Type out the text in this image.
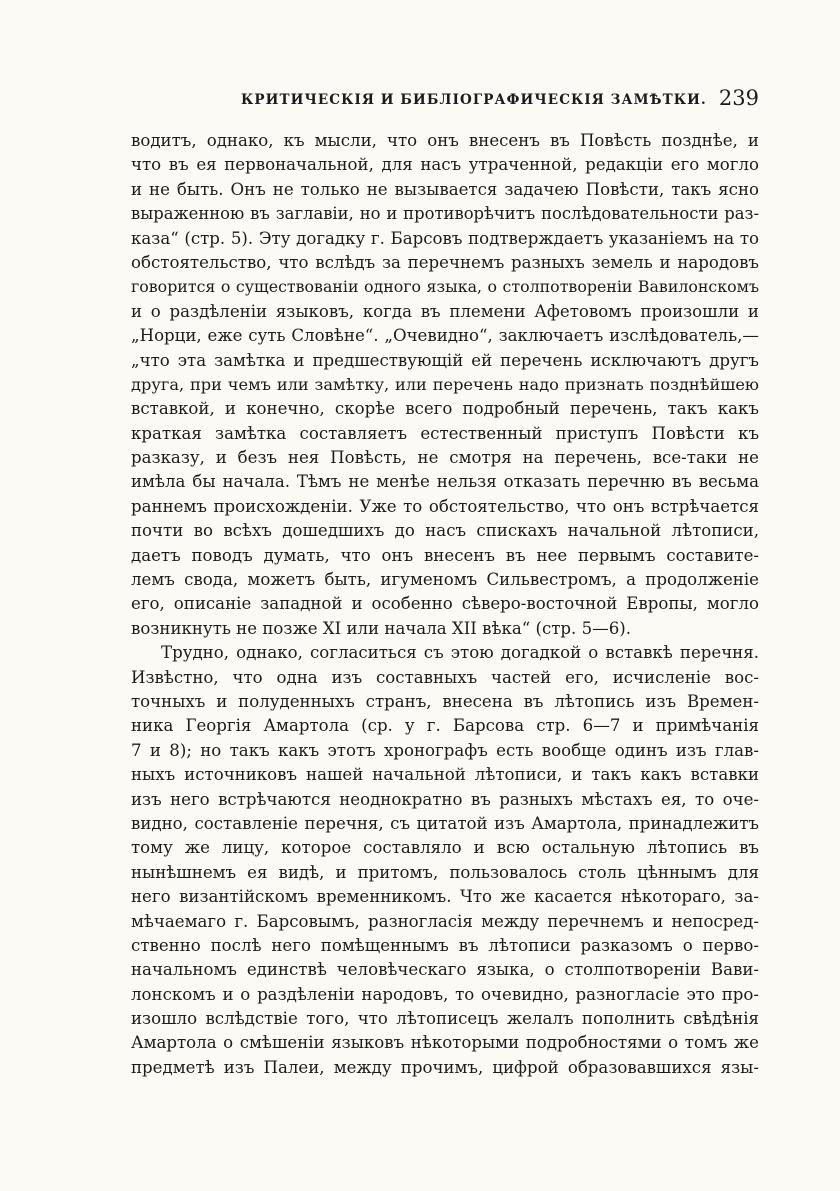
КРИТИЧЕСКІЯ И БИБЛІОГРАФИЧЕСКІЯ ЗАМѢТКИ. 239
водитъ, однако, къ мысли, что онъ внесенъ въ Повѣсть позднѣе, и
что въ ея первоначальной, для насъ утраченной, редакціи его могло
и не быть. Онъ не только не вызывается задачею Повѣсти, такъ ясно
выраженною въ заглавіи, но и противорѣчитъ послѣдовательности раз-
каза“ (стр. 5). Эту догадку г. Барсовъ подтверждаетъ указаніемъ на то
обстоятельство, что вслѣдъ за перечнемъ разныхъ земель и народовъ
говорится о существованіи одного языка, о столпотвореніи Вавилонскомъ
и о раздѣленіи языковъ, когда въ племени Афетовомъ произошли и
„Норци, еже суть Словѣне“. „Очевидно“, заключаетъ изслѣдователь,—
„что эта замѣтка и предшествующій ей перечень исключаютъ другъ
друга, при чемъ или замѣтку, или перечень надо признать позднѣйшею
вставкой, и конечно, скорѣе всего подробный перечень, такъ какъ
краткая замѣтка составляетъ естественный приступъ Повѣсти къ
разказу, и безъ нея Повѣсть, не смотря на перечень, все-таки не
имѣла бы начала. Тѣмъ не менѣе нельзя отказать перечню въ весьма
раннемъ происхожденіи. Уже то обстоятельство, что онъ встрѣчается
почти во всѣхъ дошедшихъ до насъ спискахъ начальной лѣтописи,
даетъ поводъ думать, что онъ внесенъ въ нее первымъ составите-
лемъ свода, можетъ быть, игуменомъ Сильвестромъ, а продолженіе
его, описаніе западной и особенно сѣверо-восточной Европы, могло
возникнуть не позже XI или начала XII вѣка“ (стр. 5—6).
Трудно, однако, согласиться съ этою догадкой о вставкѣ перечня.
Извѣстно, что одна изъ составныхъ частей его, исчисленіе вос-
точныхъ и полуденныхъ странъ, внесена въ лѣтопись изъ Времен-
ника Георгія Амартола (ср. у г. Барсова стр. 6—7 и примѣчанія
7 и 8); но такъ какъ этотъ хронографъ есть вообще одинъ изъ глав-
ныхъ источниковъ нашей начальной лѣтописи, и такъ какъ вставки
изъ него встрѣчаются неоднократно въ разныхъ мѣстахъ ея, то оче-
видно, составленіе перечня, съ цитатой изъ Амартола, принадлежитъ
тому же лицу, которое составляло и всю остальную лѣтопись въ
нынѣшнемъ ея видѣ, и притомъ, пользовалось столь цѣннымъ для
него византійскомъ временникомъ. Что же касается нѣкотораго, за-
мѣчаемаго г. Барсовымъ, разногласія между перечнемъ и непосред-
ственно послѣ него помѣщеннымъ въ лѣтописи разказомъ о перво-
начальномъ единствѣ человѣческаго языка, о столпотвореніи Вави-
лонскомъ и о раздѣленіи народовъ, то очевидно, разногласіе это про-
изошло вслѣдствіе того, что лѣтописецъ желалъ пополнить свѣдѣнія
Амартола о смѣшеніи языковъ нѣкоторыми подробностями о томъ же
предметѣ изъ Палеи, между прочимъ, цифрой образовавшихся язы-
